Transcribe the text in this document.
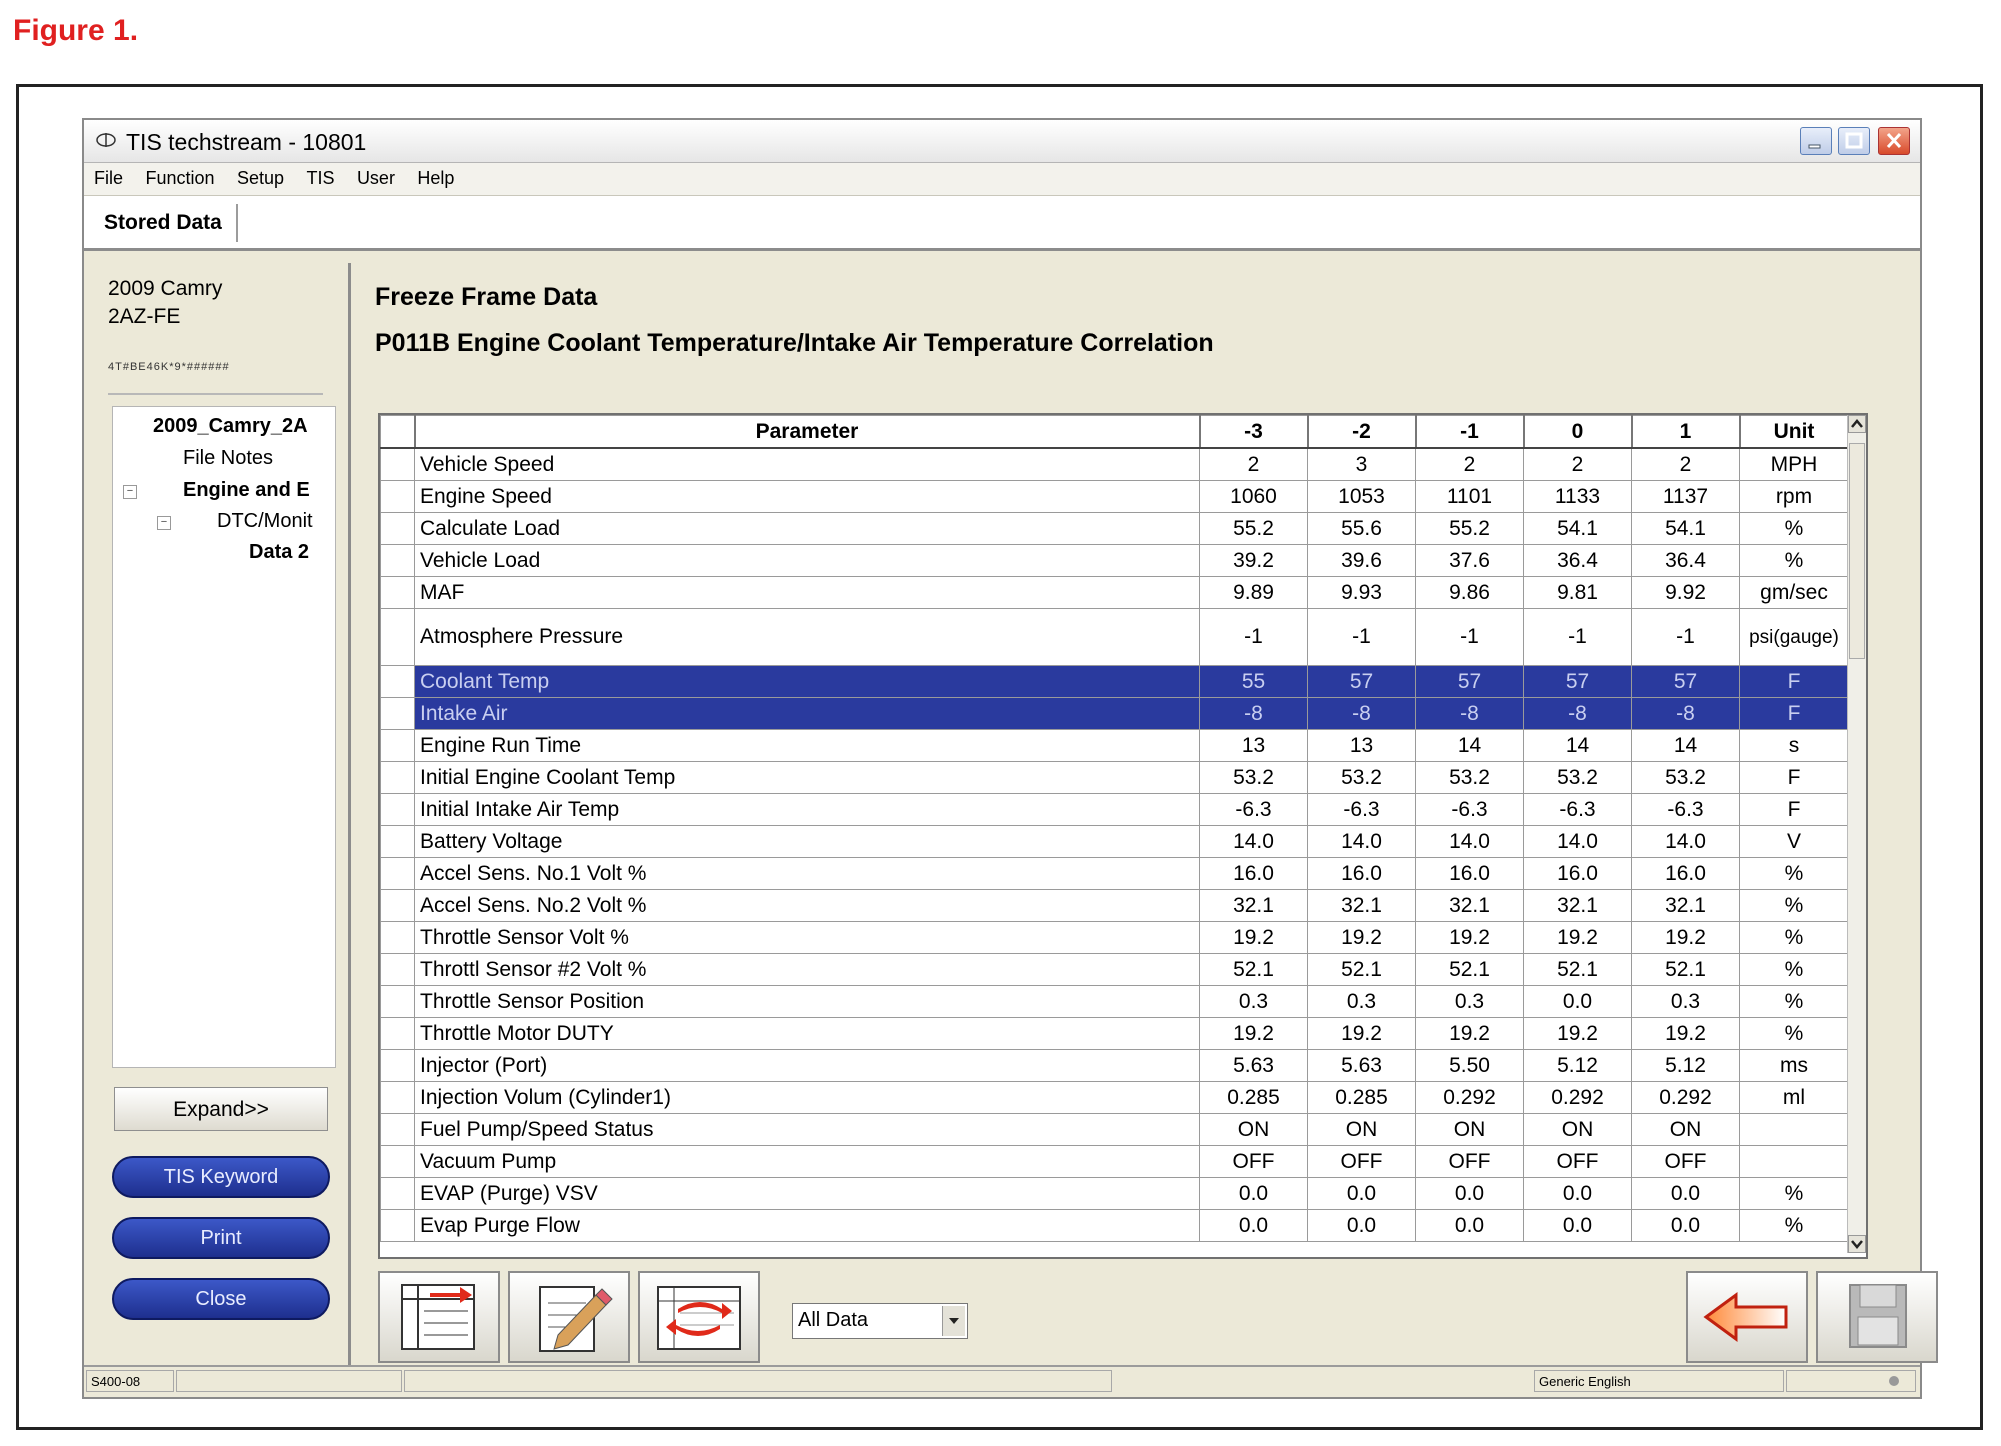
Figure 1.
TIS techstream - 10801
File Function Setup TIS User Help
Stored Data
2009 Camry
2AZ-FE
4T#BE46K*9*######
2009_Camry_2A
File Notes
− Engine and E
− DTC/Monit
Data 2
Expand>>
TIS Keyword
Print
Close
Freeze Frame Data
P011B Engine Coolant Temperature/Intake Air Temperature Correlation
	Parameter	-3	-2	-1	0	1	Unit
	Vehicle Speed	2	3	2	2	2	MPH
	Engine Speed	1060	1053	1101	1133	1137	rpm
	Calculate Load	55.2	55.6	55.2	54.1	54.1	%
	Vehicle Load	39.2	39.6	37.6	36.4	36.4	%
	MAF	9.89	9.93	9.86	9.81	9.92	gm/sec
	Atmosphere Pressure	-1	-1	-1	-1	-1	psi(gauge)

	Coolant Temp	55	57	57	57	57	F
	Intake Air	-8	-8	-8	-8	-8	F
	Engine Run Time	13	13	14	14	14	s
	Initial Engine Coolant Temp	53.2	53.2	53.2	53.2	53.2	F
	Initial Intake Air Temp	-6.3	-6.3	-6.3	-6.3	-6.3	F
	Battery Voltage	14.0	14.0	14.0	14.0	14.0	V
	Accel Sens. No.1 Volt %	16.0	16.0	16.0	16.0	16.0	%
	Accel Sens. No.2 Volt %	32.1	32.1	32.1	32.1	32.1	%
	Throttle Sensor Volt %	19.2	19.2	19.2	19.2	19.2	%
	Throttl Sensor #2 Volt %	52.1	52.1	52.1	52.1	52.1	%
	Throttle Sensor Position	0.3	0.3	0.3	0.0	0.3	%
	Throttle Motor DUTY	19.2	19.2	19.2	19.2	19.2	%
	Injector (Port)	5.63	5.63	5.50	5.12	5.12	ms
	Injection Volum (Cylinder1)	0.285	0.285	0.292	0.292	0.292	ml
	Fuel Pump/Speed Status	ON	ON	ON	ON	ON	
	Vacuum Pump	OFF	OFF	OFF	OFF	OFF	
	EVAP (Purge) VSV	0.0	0.0	0.0	0.0	0.0	%
	Evap Purge Flow	0.0	0.0	0.0	0.0	0.0	%
All Data
S400-08	Generic English
